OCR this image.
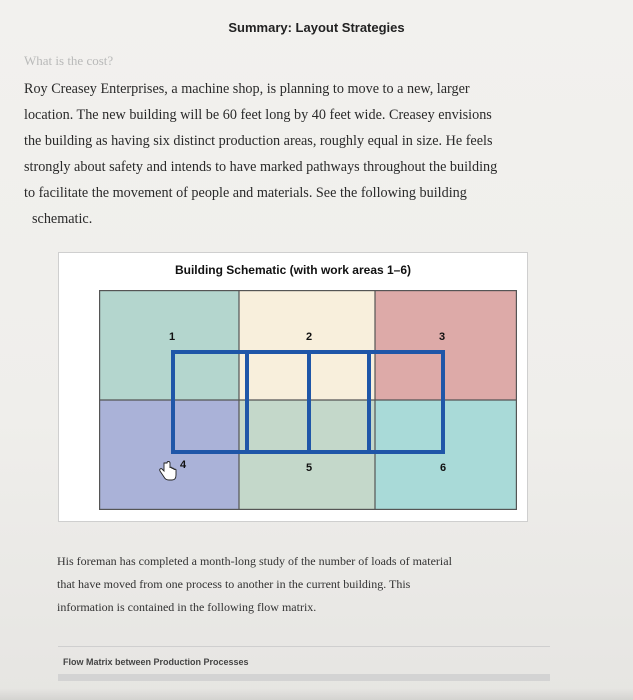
Summary: Layout Strategies
What is the cost?
Roy Creasey Enterprises, a machine shop, is planning to move to a new, larger
location. The new building will be 60 feet long by 40 feet wide. Creasey envisions
the building as having six distinct production areas, roughly equal in size. He feels
strongly about safety and intends to have marked pathways throughout the building
to facilitate the movement of people and materials. See the following building
schematic.
Building Schematic (with work areas 1–6)
1	2	3
4	5	6
His foreman has completed a month-long study of the number of loads of material
that have moved from one process to another in the current building. This
information is contained in the following flow matrix.
Flow Matrix between Production Processes
